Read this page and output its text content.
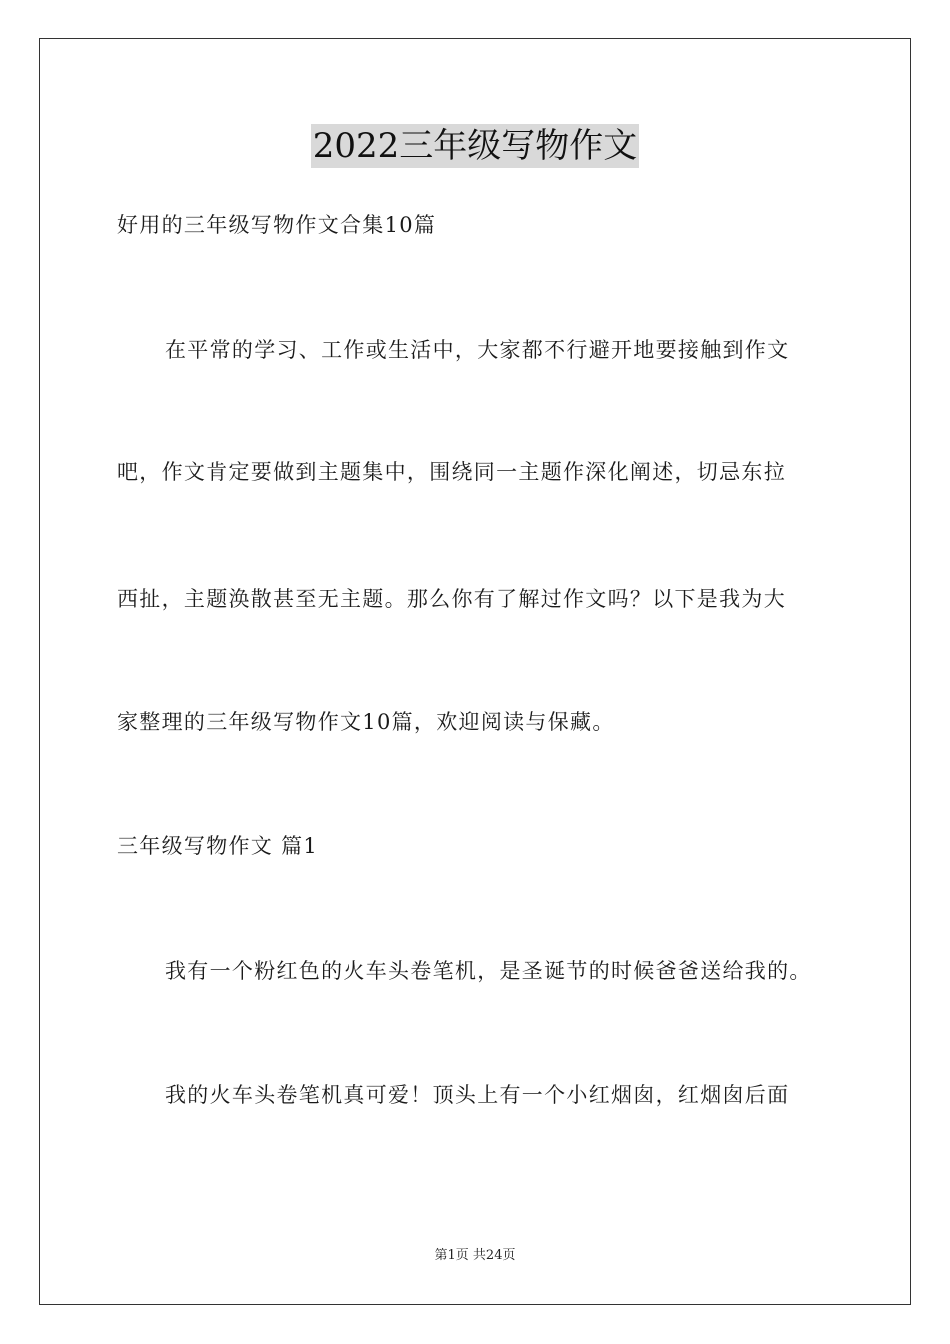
2022三年级写物作文
好用的三年级写物作文合集10篇
在平常的学习、工作或生活中，大家都不行避开地要接触到作文
吧，作文肯定要做到主题集中，围绕同一主题作深化阐述，切忌东拉
西扯，主题涣散甚至无主题。那么你有了解过作文吗？以下是我为大
家整理的三年级写物作文10篇，欢迎阅读与保藏。
三年级写物作文 篇1
我有一个粉红色的火车头卷笔机，是圣诞节的时候爸爸送给我的。
我的火车头卷笔机真可爱！顶头上有一个小红烟囱，红烟囱后面
第1页 共24页
